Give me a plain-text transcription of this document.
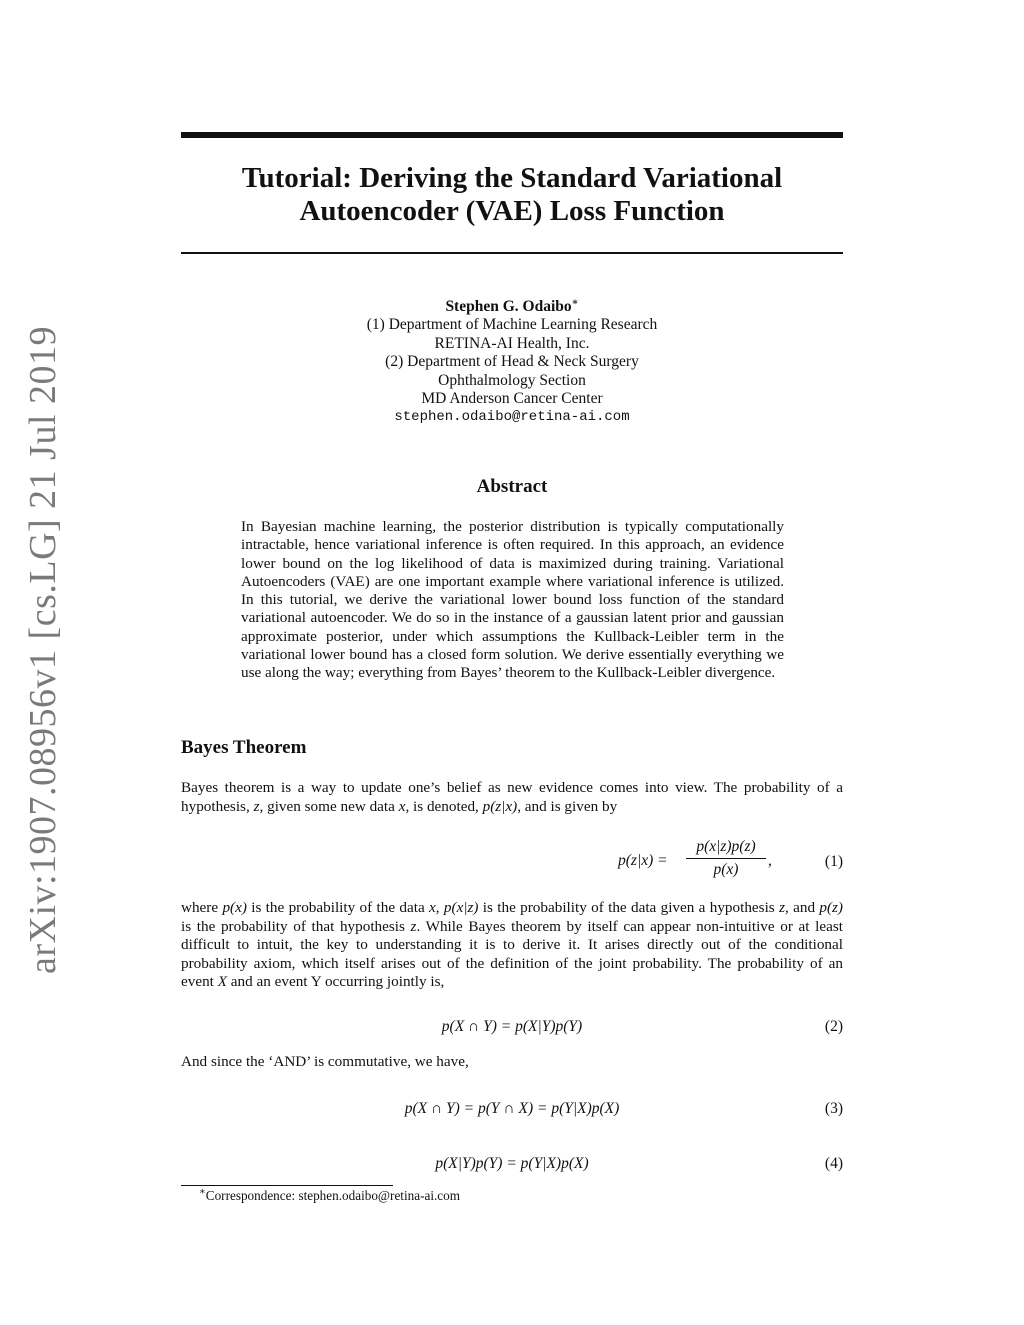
arXiv:1907.08956v1 [cs.LG] 21 Jul 2019
Tutorial: Deriving the Standard Variational
Autoencoder (VAE) Loss Function
Stephen G. Odaibo∗
(1) Department of Machine Learning Research
RETINA-AI Health, Inc.
(2) Department of Head & Neck Surgery
Ophthalmology Section
MD Anderson Cancer Center
stephen.odaibo@retina-ai.com
Abstract
In Bayesian machine learning, the posterior distribution is typically computationally intractable, hence variational inference is often required. In this approach, an evidence lower bound on the log likelihood of data is maximized during training. Variational Autoencoders (VAE) are one important example where variational inference is utilized. In this tutorial, we derive the variational lower bound loss function of the standard variational autoencoder. We do so in the instance of a gaussian latent prior and gaussian approximate posterior, under which assumptions the Kullback-Leibler term in the variational lower bound has a closed form solution. We derive essentially everything we use along the way; everything from Bayes’ theorem to the Kullback-Leibler divergence.
Bayes Theorem
Bayes theorem is a way to update one’s belief as new evidence comes into view. The probability of a hypothesis, z, given some new data x, is denoted, p(z|x), and is given by
p(z|x) =
p(x|z)p(z)
p(x)
,	(1)
where p(x) is the probability of the data x, p(x|z) is the probability of the data given a hypothesis z, and p(z) is the probability of that hypothesis z. While Bayes theorem by itself can appear non-intuitive or at least difficult to intuit, the key to understanding it is to derive it. It arises directly out of the conditional probability axiom, which itself arises out of the definition of the joint probability. The probability of an event X and an event Y occurring jointly is,
p(X ∩ Y) = p(X|Y)p(Y)	(2)
And since the ‘AND’ is commutative, we have,
p(X ∩ Y) = p(Y ∩ X) = p(Y|X)p(X)	(3)
p(X|Y)p(Y) = p(Y|X)p(X)	(4)
∗Correspondence: stephen.odaibo@retina-ai.com
